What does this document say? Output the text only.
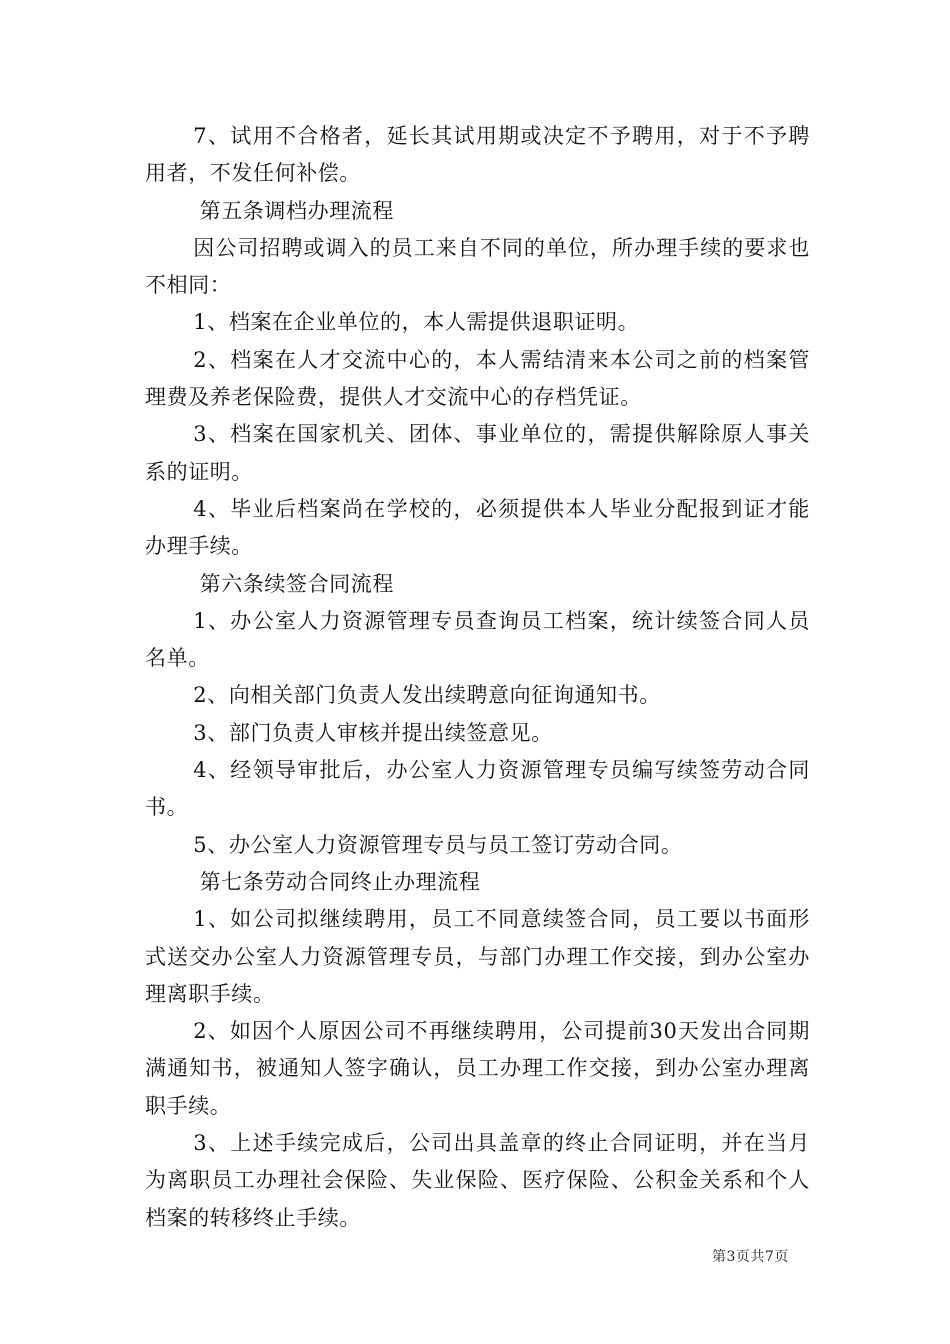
7、试用不合格者，延长其试用期或决定不予聘用，对于不予聘用者，不发任何补偿。

第五条调档办理流程

因公司招聘或调入的员工来自不同的单位，所办理手续的要求也不相同：

1、档案在企业单位的，本人需提供退职证明。

2、档案在人才交流中心的，本人需结清来本公司之前的档案管理费及养老保险费，提供人才交流中心的存档凭证。

3、档案在国家机关、团体、事业单位的，需提供解除原人事关系的证明。

4、毕业后档案尚在学校的，必须提供本人毕业分配报到证才能办理手续。

第六条续签合同流程

1、办公室人力资源管理专员查询员工档案，统计续签合同人员名单。

2、向相关部门负责人发出续聘意向征询通知书。

3、部门负责人审核并提出续签意见。

4、经领导审批后，办公室人力资源管理专员编写续签劳动合同书。

5、办公室人力资源管理专员与员工签订劳动合同。

第七条劳动合同终止办理流程

1、如公司拟继续聘用，员工不同意续签合同，员工要以书面形式送交办公室人力资源管理专员，与部门办理工作交接，到办公室办理离职手续。

2、如因个人原因公司不再继续聘用，公司提前30天发出合同期满通知书，被通知人签字确认，员工办理工作交接，到办公室办理离职手续。

3、上述手续完成后，公司出具盖章的终止合同证明，并在当月为离职员工办理社会保险、失业保险、医疗保险、公积金关系和个人档案的转移终止手续。

第3页共7页
